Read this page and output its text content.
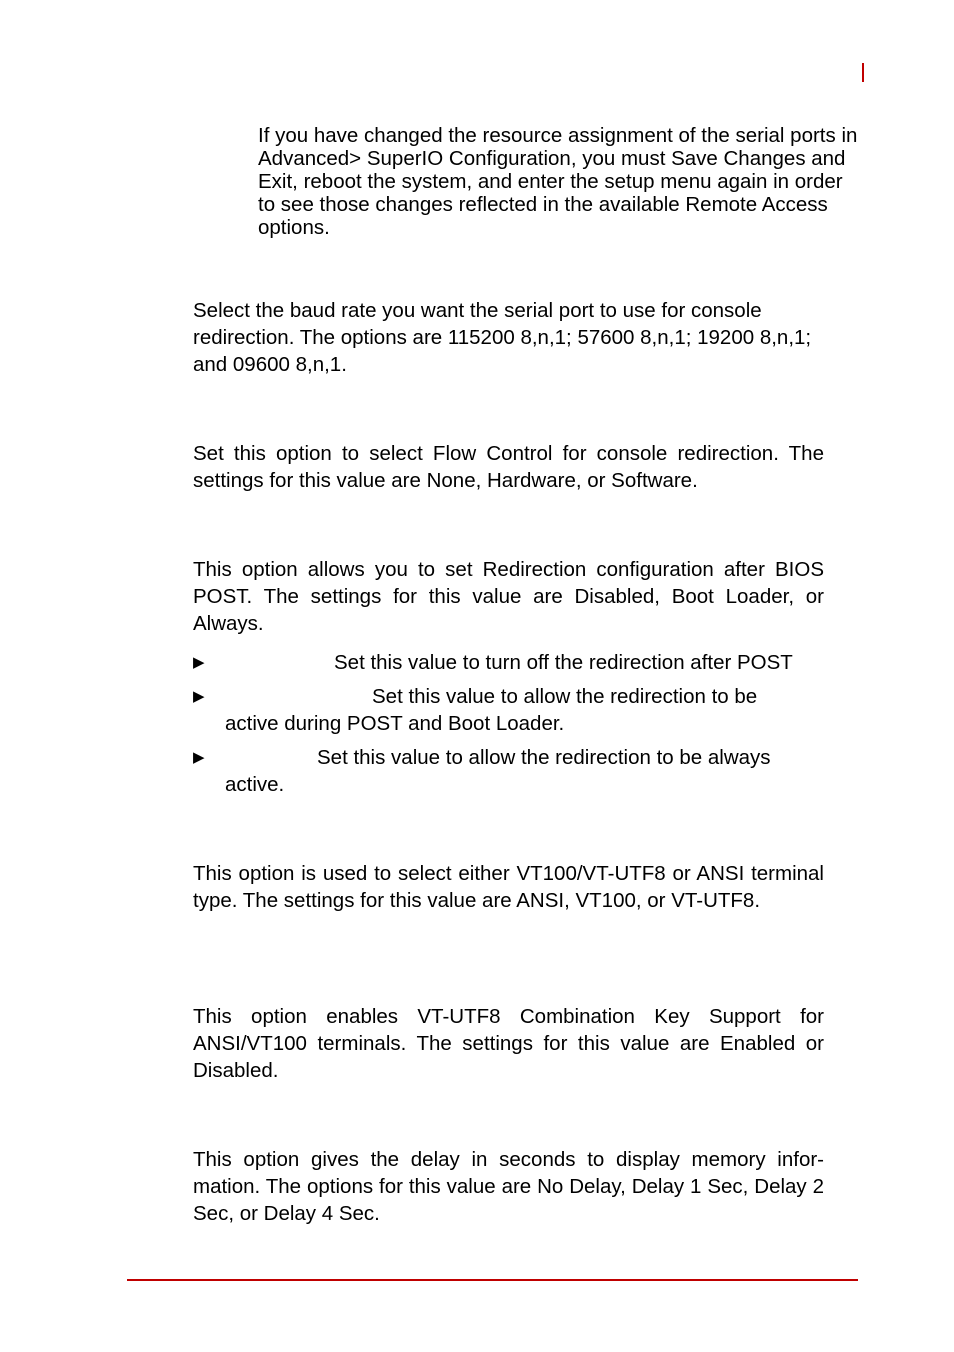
If you have changed the resource assignment of the serial ports in Advanced> SuperIO Configuration, you must Save Changes and Exit, reboot the system, and enter the setup menu again in order to see those changes reflected in the available Remote Access options.
Select the baud rate you want the serial port to use for console redirection. The options are 115200 8,n,1; 57600 8,n,1; 19200 8,n,1; and 09600 8,n,1.
Set this option to select Flow Control for console redirection. The settings for this value are None, Hardware, or Software.
This option allows you to set Redirection configuration after BIOS POST. The settings for this value are Disabled, Boot Loader, or Always.
▶	Set this value to turn off the redirection after POST
▶	Set this value to allow the redirection to be
active during POST and Boot Loader.
▶	Set this value to allow the redirection to be always
active.
This option is used to select either VT100/VT-UTF8 or ANSI terminal type. The settings for this value are ANSI, VT100, or VT-UTF8.
This option enables VT-UTF8 Combination Key Support for ANSI/VT100 terminals. The settings for this value are Enabled or Disabled.
This option gives the delay in seconds to display memory infor-mation. The options for this value are No Delay, Delay 1 Sec, Delay 2 Sec, or Delay 4 Sec.
